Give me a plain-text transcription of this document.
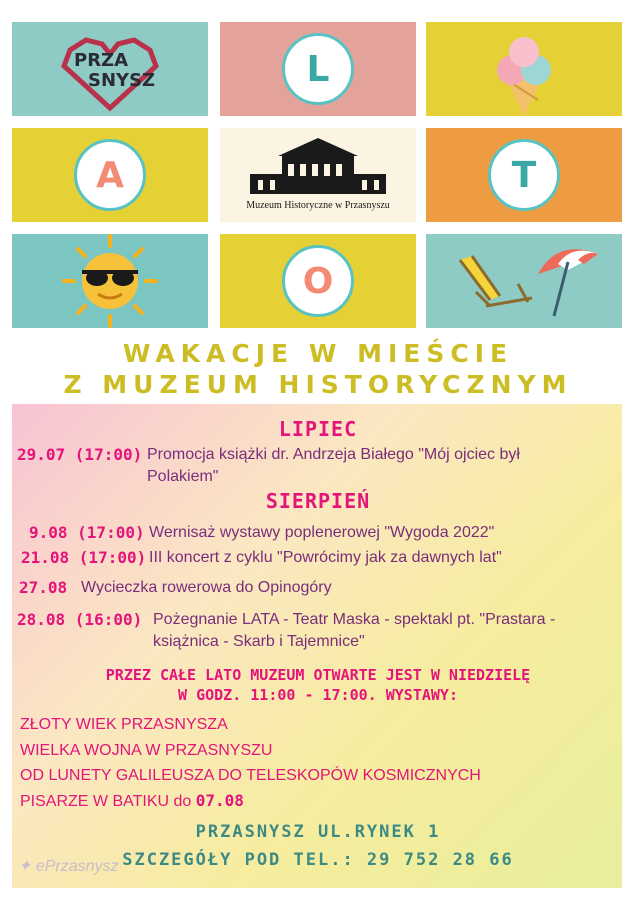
PRZA
SNYSZ	L
A
Muzeum Historyczne w Przasnyszu
T
O
WAKACJE W MIEŚCIE
Z MUZEUM HISTORYCZNYM
LIPIEC
29.07 (17:00) Promocja książki dr. Andrzeja Białego "Mój ojciec był
Polakiem"
SIERPIEŃ
9.08 (17:00) Wernisaż wystawy poplenerowej "Wygoda 2022"
21.08 (17:00) III koncert z cyklu "Powrócimy jak za dawnych lat"
27.08 Wycieczka rowerowa do Opinogóry
28.08 (16:00) Pożegnanie LATA - Teatr Maska - spektakl pt. "Prastara -
książnica - Skarb i Tajemnice"
PRZEZ CAŁE LATO MUZEUM OTWARTE JEST W NIEDZIELĘ
W GODZ. 11:00 - 17:00. WYSTAWY:
ZŁOTY WIEK PRZASNYSZA
WIELKA WOJNA W PRZASNYSZU
OD LUNETY GALILEUSZA DO TELESKOPÓW KOSMICZNYCH
PISARZE W BATIKU do 07.08
PRZASNYSZ UL.RYNEK 1
SZCZEGÓŁY POD TEL.: 29 752 28 66
✦ ePrzasnysz
